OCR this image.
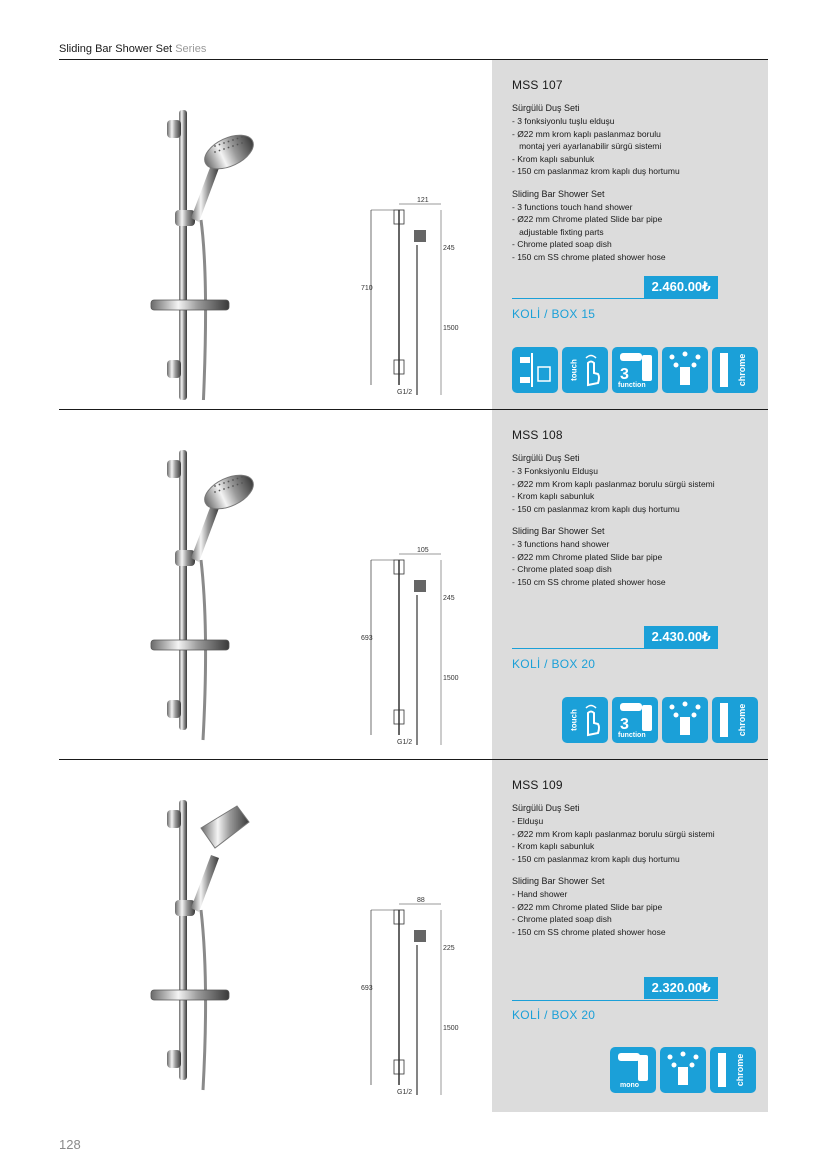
Sliding Bar Shower Set Series
121
245
710
1500
G1/2
MSS 107
Sürgülü Duş Seti
- 3 fonksiyonlu tuşlu elduşu
- Ø22 mm krom kaplı paslanmaz borulu
montaj yeri ayarlanabilir sürgü sistemi
- Krom kaplı sabunluk
- 150 cm paslanmaz krom kaplı duş hortumu
Sliding Bar Shower Set
- 3 functions touch hand shower
- Ø22 mm Chrome plated Slide bar pipe
adjustable fixting parts
- Chrome plated soap dish
- 150 cm SS chrome plated shower hose
2.460.00₺
KOLİ / BOX 15
touch	3
function	chrome
105
245
693
1500
G1/2
MSS 108
Sürgülü Duş Seti
- 3 Fonksiyonlu Elduşu
- Ø22 mm Krom kaplı paslanmaz borulu sürgü sistemi
- Krom kaplı sabunluk
- 150 cm paslanmaz krom kaplı duş hortumu
Sliding Bar Shower Set
- 3 functions hand shower
- Ø22 mm Chrome plated Slide bar pipe
- Chrome plated soap dish
- 150 cm SS chrome plated shower hose
2.430.00₺
KOLİ / BOX 20
touch	3
function	chrome
88
225
693
1500
G1/2
MSS 109
Sürgülü Duş Seti
- Elduşu
- Ø22 mm Krom kaplı paslanmaz borulu sürgü sistemi
- Krom kaplı sabunluk
- 150 cm paslanmaz krom kaplı duş hortumu
Sliding Bar Shower Set
- Hand shower
- Ø22 mm Chrome plated Slide bar pipe
- Chrome plated soap dish
- 150 cm SS chrome plated shower hose
2.320.00₺
KOLİ / BOX 20
mono	chrome
128
